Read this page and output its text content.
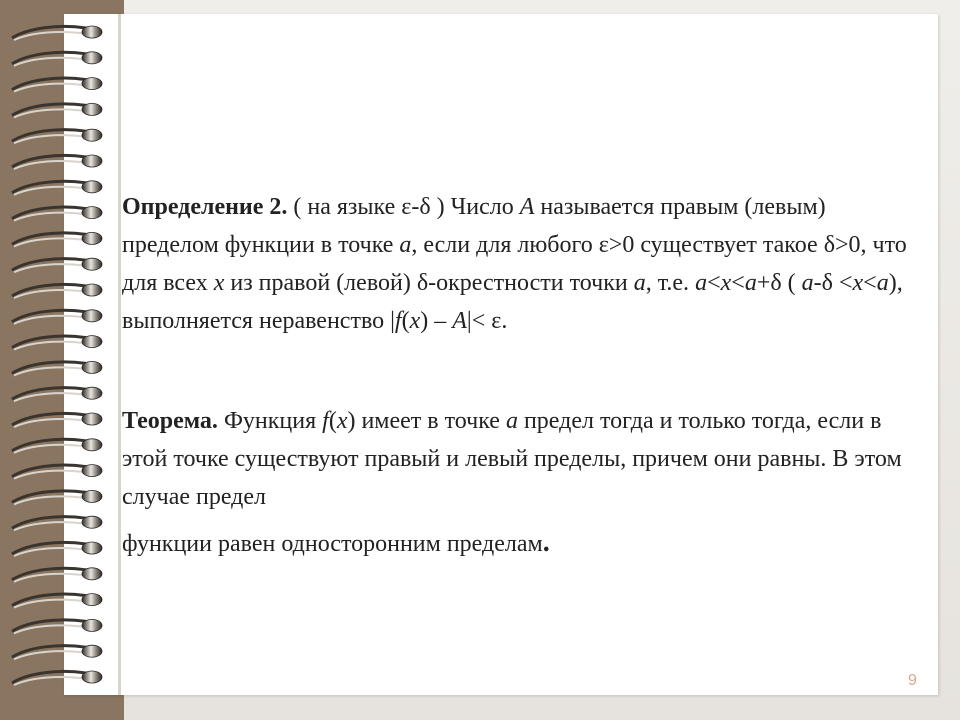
Определение 2. ( на языке ε-δ ) Число A называется правым (левым) пределом функции в точке a, если для любого ε>0 существует такое δ>0, что для всех x из правой (левой) δ-окрестности точки a, т.е. a<x<a+δ ( a-δ <x<a), выполняется неравенство |f(x) – A|< ε.

Теорема. Функция f(x) имеет в точке a предел тогда и только тогда, если в этой точке существуют правый и левый пределы, причем они равны. В этом случае предел
функции равен односторонним пределам.

9
